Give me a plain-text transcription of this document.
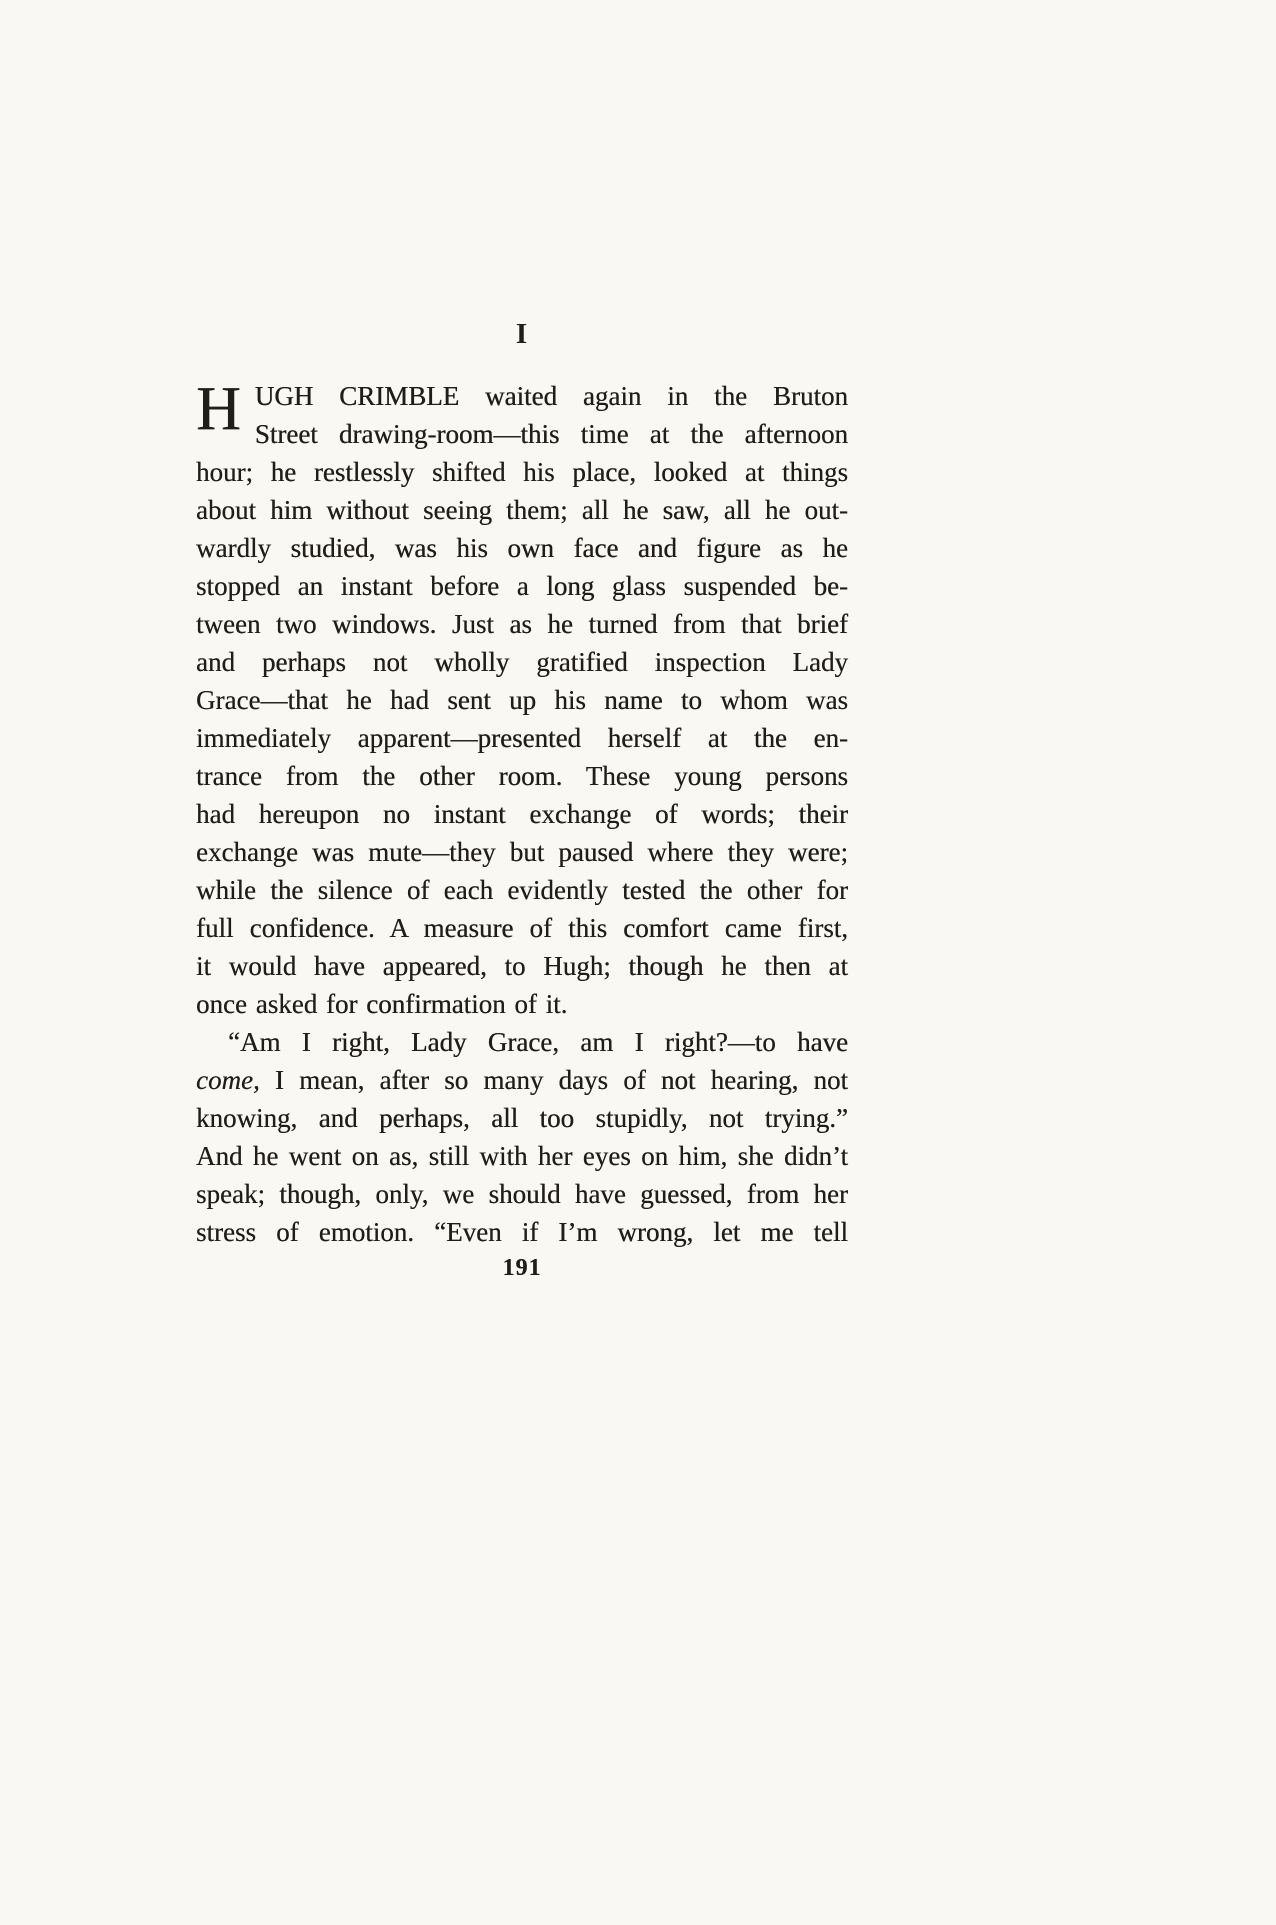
I
H UGH CRIMBLE waited again in the Bruton
Street drawing-room—this time at the afternoon
hour; he restlessly shifted his place, looked at things
about him without seeing them; all he saw, all he out-
wardly studied, was his own face and figure as he
stopped an instant before a long glass suspended be-
tween two windows. Just as he turned from that brief
and perhaps not wholly gratified inspection Lady
Grace—that he had sent up his name to whom was
immediately apparent—presented herself at the en-
trance from the other room. These young persons
had hereupon no instant exchange of words; their
exchange was mute—they but paused where they were;
while the silence of each evidently tested the other for
full confidence. A measure of this comfort came first,
it would have appeared, to Hugh; though he then at
once asked for confirmation of it.
“Am I right, Lady Grace, am I right?—to have
come, I mean, after so many days of not hearing, not
knowing, and perhaps, all too stupidly, not trying.”
And he went on as, still with her eyes on him, she didn’t
speak; though, only, we should have guessed, from her
stress of emotion. “Even if I’m wrong, let me tell
191
